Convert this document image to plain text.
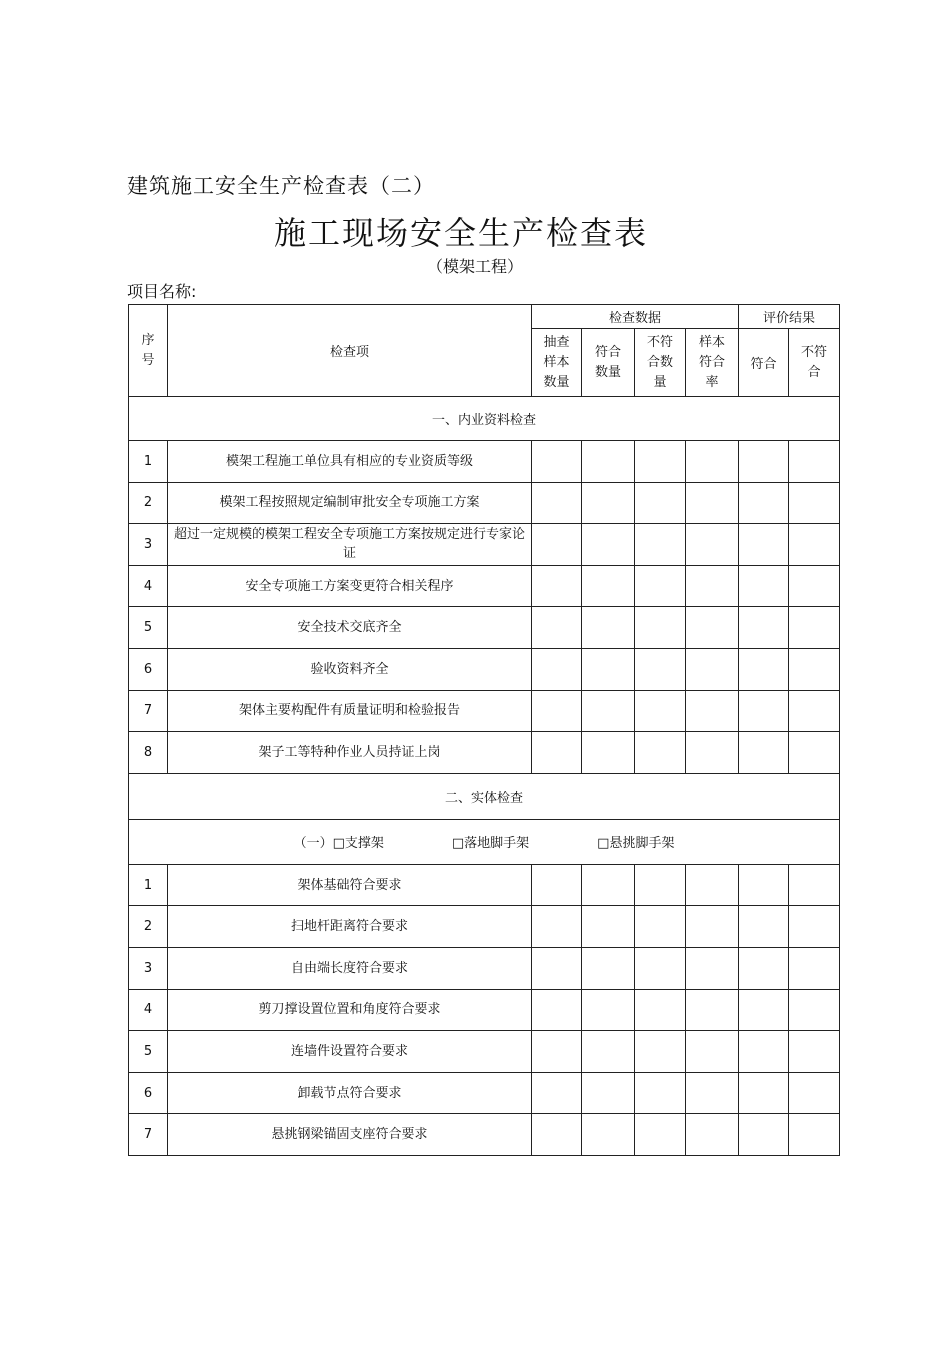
建筑施工安全生产检查表（二）
施工现场安全生产检查表
（模架工程）
项目名称:
序号	检查项	检查数据				评价结果	
		抽查样本数量	符合数量	不符合数量	样本符合率	符合	不符合
一、内业资料检查							
1	模架工程施工单位具有相应的专业资质等级						
2	模架工程按照规定编制审批安全专项施工方案						
3	超过一定规模的模架工程安全专项施工方案按规定进行专家论证						
4	安全专项施工方案变更符合相关程序						
5	安全技术交底齐全						
6	验收资料齐全						
7	架体主要构配件有质量证明和检验报告						
8	架子工等特种作业人员持证上岗						
二、实体检查							
（一）□支撑架 □落地脚手架 □悬挑脚手架							
1	架体基础符合要求						
2	扫地杆距离符合要求						
3	自由端长度符合要求						
4	剪刀撑设置位置和角度符合要求						
5	连墙件设置符合要求						
6	卸载节点符合要求						
7	悬挑钢梁锚固支座符合要求						
